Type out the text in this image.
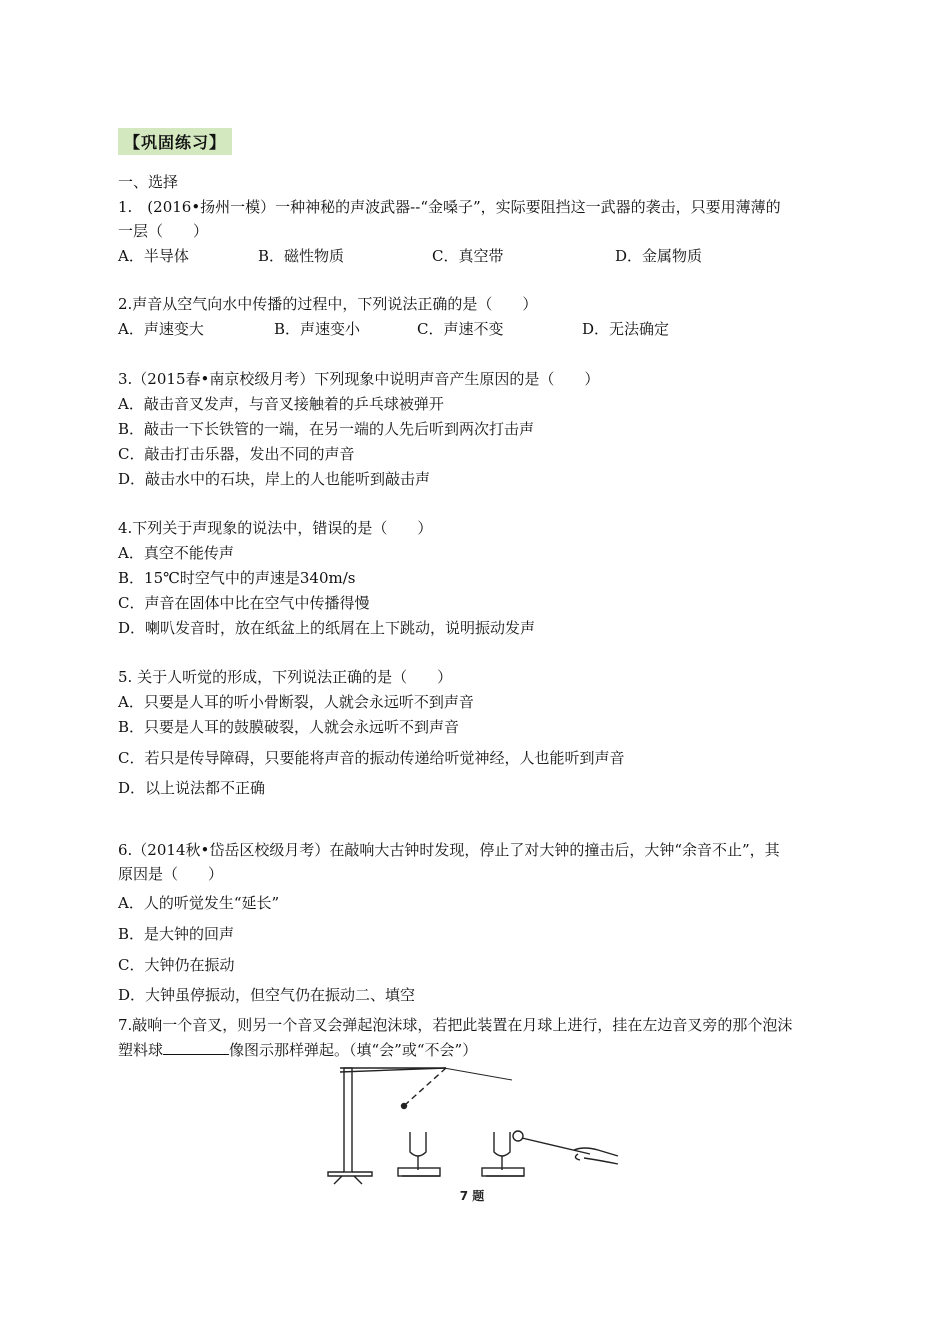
【巩固练习】
一、选择
1.　(2016•扬州一模）一种神秘的声波武器--“金嗓子”，实际要阻挡这一武器的袭击，只要用薄薄的
一层（　　）
A．半导体	B．磁性物质	C．真空带	D．金属物质
2.声音从空气向水中传播的过程中，下列说法正确的是（　　）
A．声速变大	B．声速变小	C．声速不变	D．无法确定
3.（2015春•南京校级月考）下列现象中说明声音产生原因的是（　　）
A．敲击音叉发声，与音叉接触着的乒乓球被弹开
B．敲击一下长铁管的一端，在另一端的人先后听到两次打击声
C．敲击打击乐器，发出不同的声音
D．敲击水中的石块，岸上的人也能听到敲击声
4.下列关于声现象的说法中，错误的是（　　）
A．真空不能传声
B．15℃时空气中的声速是340m/s
C．声音在固体中比在空气中传播得慢
D．喇叭发音时，放在纸盆上的纸屑在上下跳动，说明振动发声
5. 关于人听觉的形成，下列说法正确的是（　　）
A．只要是人耳的听小骨断裂，人就会永远听不到声音
B．只要是人耳的鼓膜破裂，人就会永远听不到声音
C．若只是传导障碍，只要能将声音的振动传递给听觉神经，人也能听到声音
D．以上说法都不正确
6.（2014秋•岱岳区校级月考）在敲响大古钟时发现，停止了对大钟的撞击后，大钟“余音不止”，其
原因是（　　）
A．人的听觉发生“延长”
B．是大钟的回声
C．大钟仍在振动
D．大钟虽停振动，但空气仍在振动二、填空
7.敲响一个音叉，则另一个音叉会弹起泡沫球，若把此装置在月球上进行，挂在左边音叉旁的那个泡沫
塑料球	像图示那样弹起。（填“会”或“不会”）
7 题
